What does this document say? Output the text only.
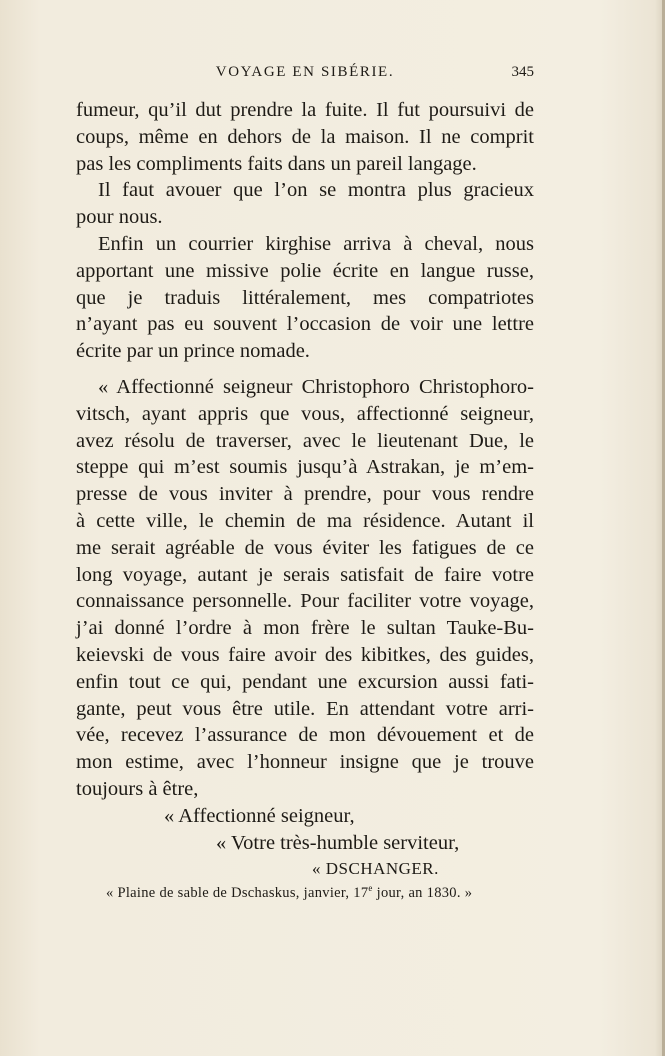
VOYAGE EN SIBÉRIE.	345
fumeur, qu’il dut prendre la fuite. Il fut poursuivi de
coups, même en dehors de la maison. Il ne comprit
pas les compliments faits dans un pareil langage.
Il faut avouer que l’on se montra plus gracieux
pour nous.
Enfin un courrier kirghise arriva à cheval, nous
apportant une missive polie écrite en langue russe,
que je traduis littéralement, mes compatriotes
n’ayant pas eu souvent l’occasion de voir une lettre
écrite par un prince nomade.
« Affectionné seigneur Christophoro Christophoro-
vitsch, ayant appris que vous, affectionné seigneur,
avez résolu de traverser, avec le lieutenant Due, le
steppe qui m’est soumis jusqu’à Astrakan, je m’em-
presse de vous inviter à prendre, pour vous rendre
à cette ville, le chemin de ma résidence. Autant il
me serait agréable de vous éviter les fatigues de ce
long voyage, autant je serais satisfait de faire votre
connaissance personnelle. Pour faciliter votre voyage,
j’ai donné l’ordre à mon frère le sultan Tauke-Bu-
keievski de vous faire avoir des kibitkes, des guides,
enfin tout ce qui, pendant une excursion aussi fati-
gante, peut vous être utile. En attendant votre arri-
vée, recevez l’assurance de mon dévouement et de
mon estime, avec l’honneur insigne que je trouve
toujours à être,
« Affectionné seigneur,
« Votre très-humble serviteur,
« DSCHANGER.
« Plaine de sable de Dschaskus, janvier, 17e jour, an 1830. »
